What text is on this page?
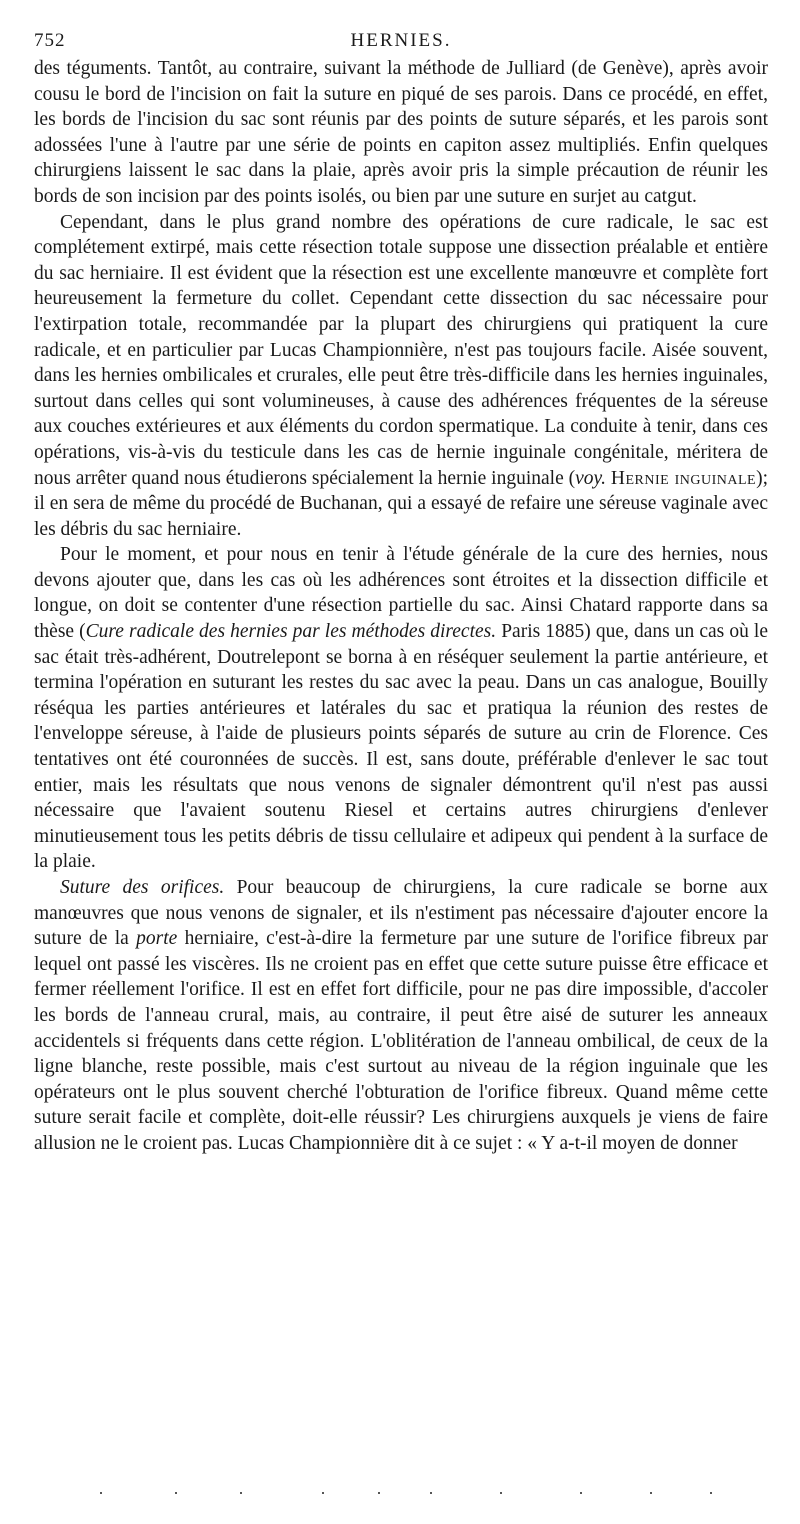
752	HERNIES.

des téguments. Tantôt, au contraire, suivant la méthode de Julliard (de Genève), après avoir cousu le bord de l'incision on fait la suture en piqué de ses parois. Dans ce procédé, en effet, les bords de l'incision du sac sont réunis par des points de suture séparés, et les parois sont adossées l'une à l'autre par une série de points en capiton assez multipliés. Enfin quelques chirurgiens laissent le sac dans la plaie, après avoir pris la simple précaution de réunir les bords de son incision par des points isolés, ou bien par une suture en surjet au catgut.

Cependant, dans le plus grand nombre des opérations de cure radicale, le sac est complétement extirpé, mais cette résection totale suppose une dissection préalable et entière du sac herniaire. Il est évident que la résection est une excellente manœuvre et complète fort heureusement la fermeture du collet. Cependant cette dissection du sac nécessaire pour l'extirpation totale, recommandée par la plupart des chirurgiens qui pratiquent la cure radicale, et en particulier par Lucas Championnière, n'est pas toujours facile. Aisée souvent, dans les hernies ombilicales et crurales, elle peut être très-difficile dans les hernies inguinales, surtout dans celles qui sont volumineuses, à cause des adhérences fréquentes de la séreuse aux couches extérieures et aux éléments du cordon spermatique. La conduite à tenir, dans ces opérations, vis-à-vis du testicule dans les cas de hernie inguinale congénitale, méritera de nous arrêter quand nous étudierons spécialement la hernie inguinale (voy. Hernie inguinale); il en sera de même du procédé de Buchanan, qui a essayé de refaire une séreuse vaginale avec les débris du sac herniaire.

Pour le moment, et pour nous en tenir à l'étude générale de la cure des hernies, nous devons ajouter que, dans les cas où les adhérences sont étroites et la dissection difficile et longue, on doit se contenter d'une résection partielle du sac. Ainsi Chatard rapporte dans sa thèse (Cure radicale des hernies par les méthodes directes. Paris 1885) que, dans un cas où le sac était très-adhérent, Doutrelepont se borna à en réséquer seulement la partie antérieure, et termina l'opération en suturant les restes du sac avec la peau. Dans un cas analogue, Bouilly réséqua les parties antérieures et latérales du sac et pratiqua la réunion des restes de l'enveloppe séreuse, à l'aide de plusieurs points séparés de suture au crin de Florence. Ces tentatives ont été couronnées de succès. Il est, sans doute, préférable d'enlever le sac tout entier, mais les résultats que nous venons de signaler démontrent qu'il n'est pas aussi nécessaire que l'avaient soutenu Riesel et certains autres chirurgiens d'enlever minutieusement tous les petits débris de tissu cellulaire et adipeux qui pendent à la surface de la plaie.

Suture des orifices. Pour beaucoup de chirurgiens, la cure radicale se borne aux manœuvres que nous venons de signaler, et ils n'estiment pas nécessaire d'ajouter encore la suture de la porte herniaire, c'est-à-dire la fermeture par une suture de l'orifice fibreux par lequel ont passé les viscères. Ils ne croient pas en effet que cette suture puisse être efficace et fermer réellement l'orifice. Il est en effet fort difficile, pour ne pas dire impossible, d'accoler les bords de l'anneau crural, mais, au contraire, il peut être aisé de suturer les anneaux accidentels si fréquents dans cette région. L'oblitération de l'anneau ombilical, de ceux de la ligne blanche, reste possible, mais c'est surtout au niveau de la région inguinale que les opérateurs ont le plus souvent cherché l'obturation de l'orifice fibreux. Quand même cette suture serait facile et complète, doit-elle réussir? Les chirurgiens auxquels je viens de faire allusion ne le croient pas. Lucas Championnière dit à ce sujet : « Y a-t-il moyen de donner
